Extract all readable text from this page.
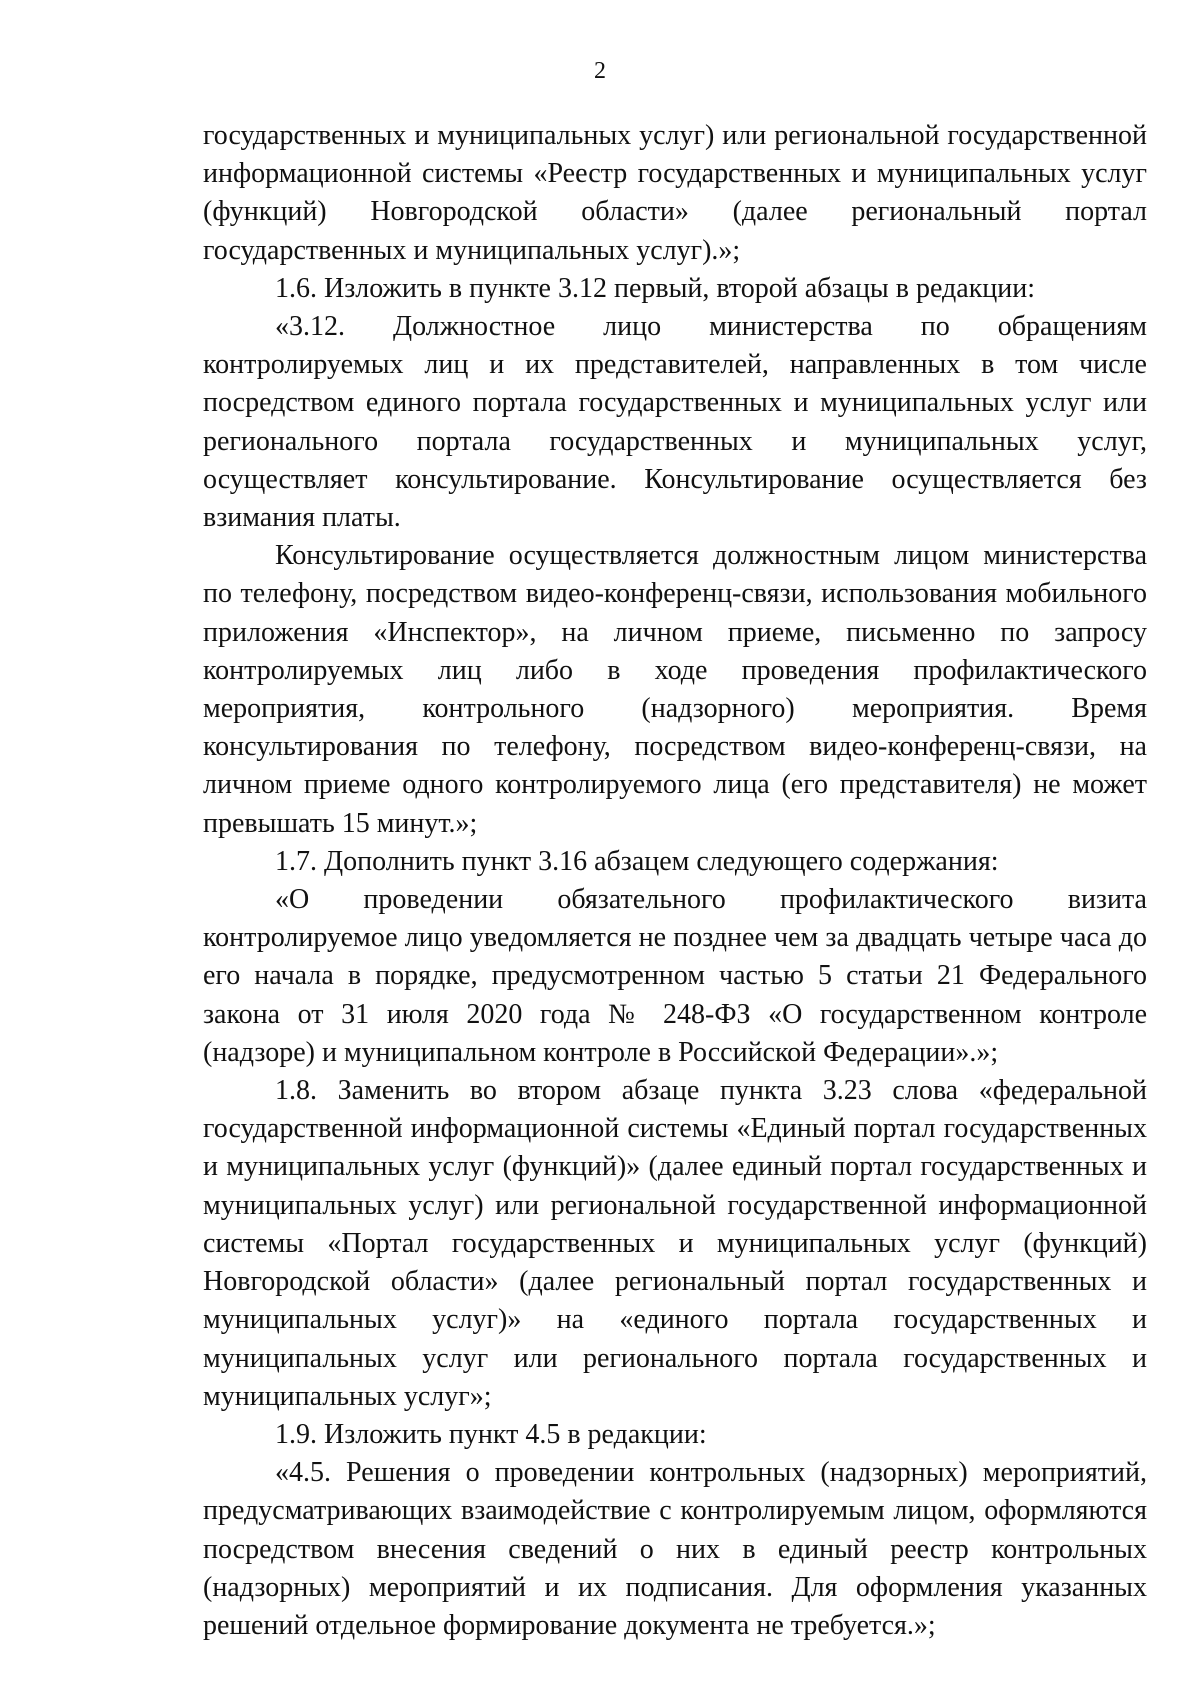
2

государственных и муниципальных услуг) или региональной государственной информационной системы «Реестр государственных и муниципальных услуг (функций) Новгородской области» (далее региональный портал государственных и муниципальных услуг).»;

1.6. Изложить в пункте 3.12 первый, второй абзацы в редакции:

«3.12. Должностное лицо министерства по обращениям контролируемых лиц и их представителей, направленных в том числе посредством единого портала государственных и муниципальных услуг или регионального портала государственных и муниципальных услуг, осуществляет консультирование. Консультирование осуществляется без взимания платы.

Консультирование осуществляется должностным лицом министерства по телефону, посредством видео-конференц-связи, использования мобильного приложения «Инспектор», на личном приеме, письменно по запросу контролируемых лиц либо в ходе проведения профилактического мероприятия, контрольного (надзорного) мероприятия. Время консультирования по телефону, посредством видео-конференц-связи, на личном приеме одного контролируемого лица (его представителя) не может превышать 15 минут.»;

1.7. Дополнить пункт 3.16 абзацем следующего содержания:

«О проведении обязательного профилактического визита контролируемое лицо уведомляется не позднее чем за двадцать четыре часа до его начала в порядке, предусмотренном частью 5 статьи 21 Федерального закона от 31 июля 2020 года № 248-ФЗ «О государственном контроле (надзоре) и муниципальном контроле в Российской Федерации».»;

1.8. Заменить во втором абзаце пункта 3.23 слова «федеральной государственной информационной системы «Единый портал государственных и муниципальных услуг (функций)» (далее единый портал государственных и муниципальных услуг) или региональной государственной информационной системы «Портал государственных и муниципальных услуг (функций) Новгородской области» (далее региональный портал государственных и муниципальных услуг)» на «единого портала государственных и муниципальных услуг или регионального портала государственных и муниципальных услуг»;

1.9. Изложить пункт 4.5 в редакции:

«4.5. Решения о проведении контрольных (надзорных) мероприятий, предусматривающих взаимодействие с контролируемым лицом, оформляются посредством внесения сведений о них в единый реестр контрольных (надзорных) мероприятий и их подписания. Для оформления указанных решений отдельное формирование документа не требуется.»;
